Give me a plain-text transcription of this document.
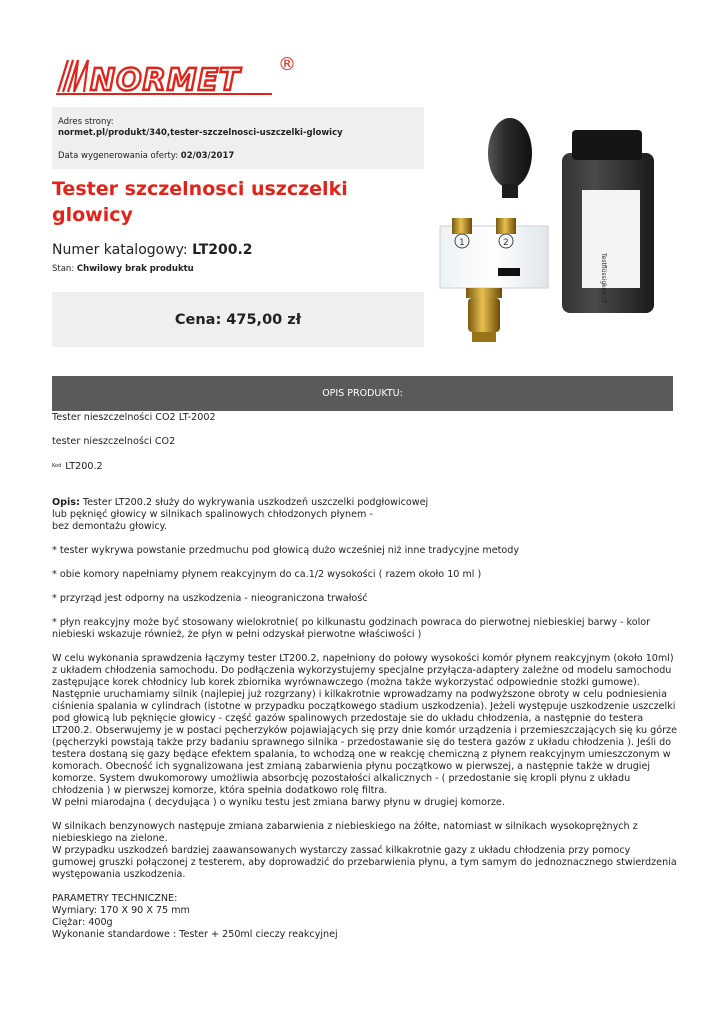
NORMET ®
Adres strony:
normet.pl/produkt/340,tester-szczelnosci-uszczelki-glowicy
Data wygenerowania oferty: 02/03/2017
Tester szczelnosci uszczelki glowicy
Numer katalogowy: LT200.2
Stan: Chwilowy brak produktu
Cena: 475,00 zł
Testflüssigkeit LT
1	2
OPIS PRODUKTU:

Tester nieszczelności CO2 LT-2002

tester nieszczelności CO2

Kod LT200.2

Opis: Tester LT200.2 służy do wykrywania uszkodzeń uszczelki podgłowicowej
lub pęknięć głowicy w silnikach spalinowych chłodzonych płynem -
bez demontażu głowicy.

* tester wykrywa powstanie przedmuchu pod głowicą dużo wcześniej niż inne tradycyjne metody

* obie komory napełniamy płynem reakcyjnym do ca.1/2 wysokości ( razem około 10 ml )

* przyrząd jest odporny na uszkodzenia - nieograniczona trwałość

* płyn reakcyjny może być stosowany wielokrotnie( po kilkunastu godzinach powraca do pierwotnej niebieskiej barwy - kolor niebieski wskazuje również, że płyn w pełni odzyskał pierwotne właściwości )

W celu wykonania sprawdzenia łączymy tester LT200.2, napełniony do połowy wysokości komór płynem reakcyjnym (około 10ml) z układem chłodzenia samochodu. Do podłączenia wykorzystujemy specjalne przyłącza-adaptery zależne od modelu samochodu zastępujące korek chłodnicy lub korek zbiornika wyrównawczego (można także wykorzystać odpowiednie stożki gumowe).

Następnie uruchamiamy silnik (najlepiej już rozgrzany) i kilkakrotnie wprowadzamy na podwyższone obroty w celu podniesienia ciśnienia spalania w cylindrach (istotne w przypadku początkowego stadium uszkodzenia). Jeżeli występuje uszkodzenie uszczelki pod głowicą lub pęknięcie głowicy - część gazów spalinowych przedostaje sie do układu chłodzenia, a następnie do testera LT200.2. Obserwujemy je w postaci pęcherzyków pojawiających się przy dnie komór urządzenia i przemieszczających się ku górze (pęcherzyki powstają także przy badaniu sprawnego silnika - przedostawanie się do testera gazów z układu chłodzenia ). Jeśli do testera dostaną się gazy będące efektem spalania, to wchodzą one w reakcję chemiczną z płynem reakcyjnym umieszczonym w komorach. Obecność ich sygnalizowana jest zmianą zabarwienia płynu początkowo w pierwszej, a następnie także w drugiej komorze. System dwukomorowy umożliwia absorbcję pozostałości alkalicznych - ( przedostanie się kropli płynu z układu chłodzenia ) w pierwszej komorze, która spełnia dodatkowo rolę filtra.

W pełni miarodajna ( decydująca ) o wyniku testu jest zmiana barwy płynu w drugiej komorze.

W silnikach benzynowych następuje zmiana zabarwienia z niebieskiego na żółte, natomiast w silnikach wysokoprężnych z niebieskiego na zielone.

W przypadku uszkodzeń bardziej zaawansowanych wystarczy zassać kilkakrotnie gazy z układu chłodzenia przy pomocy gumowej gruszki połączonej z testerem, aby doprowadzić do przebarwienia płynu, a tym samym do jednoznacznego stwierdzenia występowania uszkodzenia.

PARAMETRY TECHNICZNE:

Wymiary: 170 X 90 X 75 mm

Ciężar: 400g

Wykonanie standardowe : Tester + 250ml cieczy reakcyjnej
